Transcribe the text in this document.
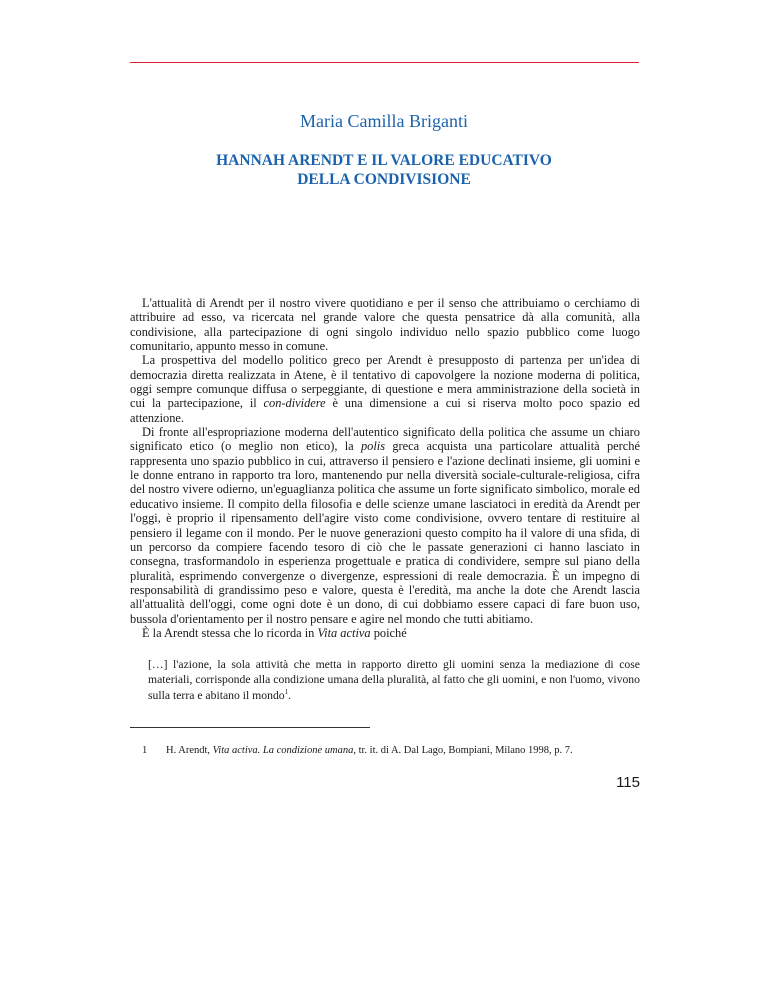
Maria Camilla Briganti
HANNAH ARENDT E IL VALORE EDUCATIVO
DELLA CONDIVISIONE

L'attualità di Arendt per il nostro vivere quotidiano e per il senso che attribuiamo o cerchiamo di attribuire ad esso, va ricercata nel grande valore che questa pensatrice dà alla comunità, alla condivisione, alla partecipazione di ogni singolo individuo nello spazio pubblico come luogo comunitario, appunto messo in comune.

La prospettiva del modello politico greco per Arendt è presupposto di partenza per un'idea di democrazia diretta realizzata in Atene, è il tentativo di capovolgere la nozione moderna di politica, oggi sempre comunque diffusa o serpeggiante, di questione e mera amministrazione della società in cui la partecipazione, il con-dividere è una dimensione a cui si riserva molto poco spazio ed attenzione.

Di fronte all'espropriazione moderna dell'autentico significato della politica che assume un chiaro significato etico (o meglio non etico), la polis greca acquista una particolare attualità perché rappresenta uno spazio pubblico in cui, attraverso il pensiero e l'azione declinati insieme, gli uomini e le donne entrano in rapporto tra loro, mantenendo pur nella diversità sociale-culturale-religiosa, cifra del nostro vivere odierno, un'eguaglianza politica che assume un forte significato simbolico, morale ed educativo insieme. Il compito della filosofia e delle scienze umane lasciatoci in eredità da Arendt per l'oggi, è proprio il ripensamento dell'agire visto come condivisione, ovvero tentare di restituire al pensiero il legame con il mondo. Per le nuove generazioni questo compito ha il valore di una sfida, di un percorso da compiere facendo tesoro di ciò che le passate generazioni ci hanno lasciato in consegna, trasformandolo in esperienza progettuale e pratica di condividere, sempre sul piano della pluralità, esprimendo convergenze o divergenze, espressioni di reale democrazia. È un impegno di responsabilità di grandissimo peso e valore, questa è l'eredità, ma anche la dote che Arendt lascia all'attualità dell'oggi, come ogni dote è un dono, di cui dobbiamo essere capaci di fare buon uso, bussola d'orientamento per il nostro pensare e agire nel mondo che tutti abitiamo.

È la Arendt stessa che lo ricorda in Vita activa poiché

[…] l'azione, la sola attività che metta in rapporto diretto gli uomini senza la mediazione di cose materiali, corrisponde alla condizione umana della pluralità, al fatto che gli uomini, e non l'uomo, vivono sulla terra e abitano il mondo$^1$.
1 H. Arendt, Vita activa. La condizione umana, tr. it. di A. Dal Lago, Bompiani, Milano 1998, p. 7.
115
